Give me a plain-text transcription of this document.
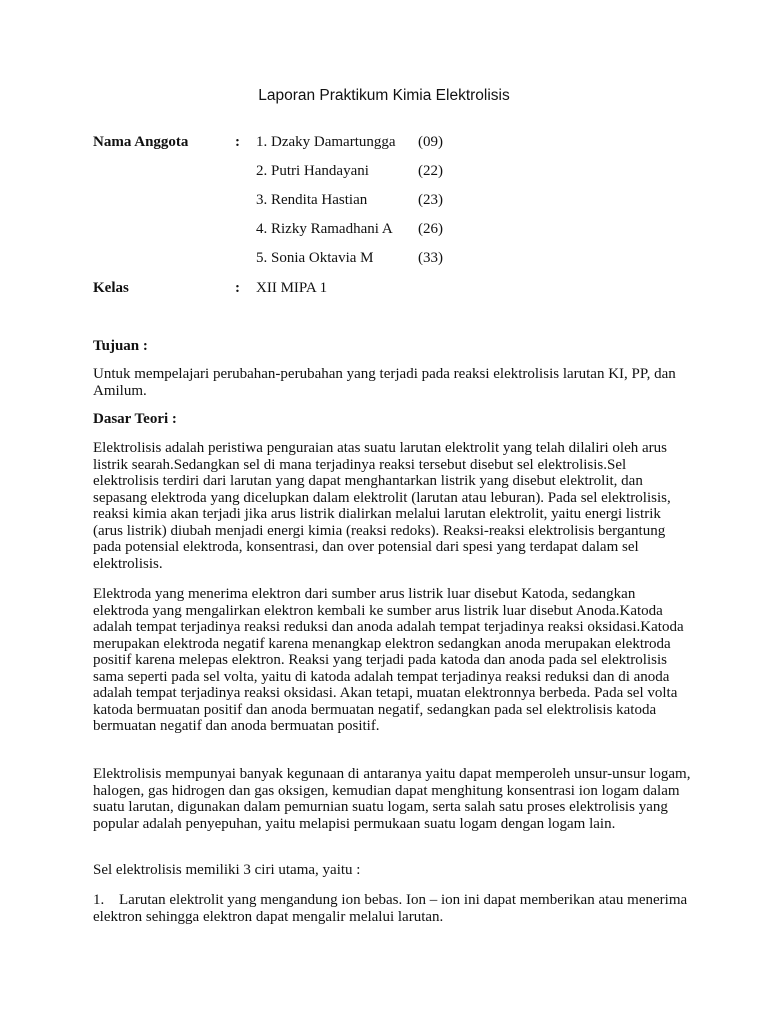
Laporan Praktikum Kimia Elektrolisis
Nama Anggota	: 1. Dzaky Damartungga (09)
2. Putri Handayani	(22)
3. Rendita Hastian	(23)
4. Rizky Ramadhani A (26)
5. Sonia Oktavia M	(33)
Kelas	: XII MIPA 1
Tujuan :

Untuk mempelajari perubahan-perubahan yang terjadi pada reaksi elektrolisis larutan KI, PP, dan Amilum.

Dasar Teori :

Elektrolisis adalah peristiwa penguraian atas suatu larutan elektrolit yang telah dilaliri oleh arus listrik searah.Sedangkan sel di mana terjadinya reaksi tersebut disebut sel elektrolisis.Sel elektrolisis terdiri dari larutan yang dapat menghantarkan listrik yang disebut elektrolit, dan sepasang elektroda yang dicelupkan dalam elektrolit (larutan atau leburan). Pada sel elektrolisis, reaksi kimia akan terjadi jika arus listrik dialirkan melalui larutan elektrolit, yaitu energi listrik (arus listrik) diubah menjadi energi kimia (reaksi redoks). Reaksi-reaksi elektrolisis bergantung pada potensial elektroda, konsentrasi, dan over potensial dari spesi yang terdapat dalam sel elektrolisis.

Elektroda yang menerima elektron dari sumber arus listrik luar disebut Katoda, sedangkan elektroda yang mengalirkan elektron kembali ke sumber arus listrik luar disebut Anoda.Katoda adalah tempat terjadinya reaksi reduksi dan anoda adalah tempat terjadinya reaksi oksidasi.Katoda merupakan elektroda negatif karena menangkap elektron sedangkan anoda merupakan elektroda positif karena melepas elektron. Reaksi yang terjadi pada katoda dan anoda pada sel elektrolisis sama seperti pada sel volta, yaitu di katoda adalah tempat terjadinya reaksi reduksi dan di anoda adalah tempat terjadinya reaksi oksidasi. Akan tetapi, muatan elektronnya berbeda. Pada sel volta katoda bermuatan positif dan anoda bermuatan negatif, sedangkan pada sel elektrolisis katoda bermuatan negatif dan anoda bermuatan positif.

Elektrolisis mempunyai banyak kegunaan di antaranya yaitu dapat memperoleh unsur-unsur logam, halogen, gas hidrogen dan gas oksigen, kemudian dapat menghitung konsentrasi ion logam dalam suatu larutan, digunakan dalam pemurnian suatu logam, serta salah satu proses elektrolisis yang popular adalah penyepuhan, yaitu melapisi permukaan suatu logam dengan logam lain.

Sel elektrolisis memiliki 3 ciri utama, yaitu :

1. Larutan elektrolit yang mengandung ion bebas. Ion – ion ini dapat memberikan atau menerima elektron sehingga elektron dapat mengalir melalui larutan.
